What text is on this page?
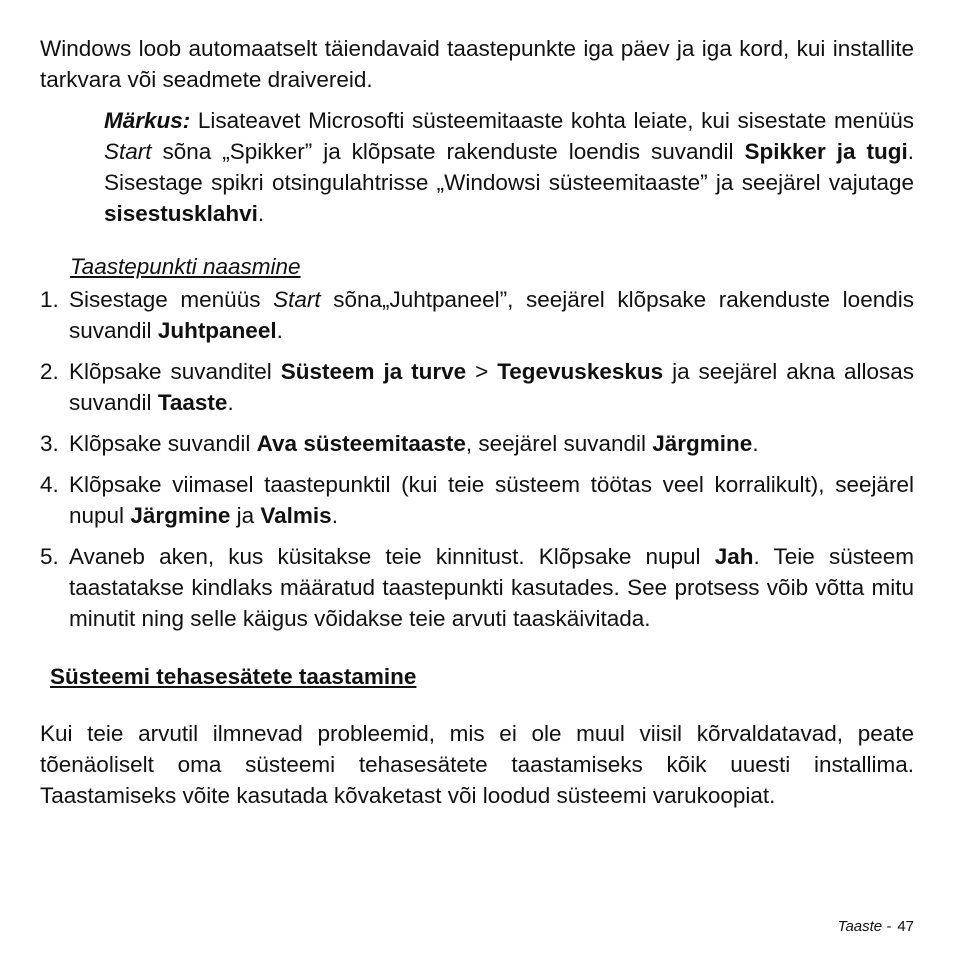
Windows loob automaatselt täiendavaid taastepunkte iga päev ja iga kord, kui installite tarkvara või seadmete draivereid.

Märkus: Lisateavet Microsofti süsteemitaaste kohta leiate, kui sisestate menüüs Start sõna „Spikker” ja klõpsate rakenduste loendis suvandil Spikker ja tugi. Sisestage spikri otsingulahtrisse „Windowsi süsteemitaaste” ja seejärel vajutage sisestusklahvi.

Taastepunkti naasmine

1. Sisestage menüüs Start sõna„Juhtpaneel”, seejärel klõpsake rakenduste loendis suvandil Juhtpaneel.
2. Klõpsake suvanditel Süsteem ja turve > Tegevuskeskus ja seejärel akna allosas suvandil Taaste.
3. Klõpsake suvandil Ava süsteemitaaste, seejärel suvandil Järgmine.
4. Klõpsake viimasel taastepunktil (kui teie süsteem töötas veel korralikult), seejärel nupul Järgmine ja Valmis.
5. Avaneb aken, kus küsitakse teie kinnitust. Klõpsake nupul Jah. Teie süsteem taastatakse kindlaks määratud taastepunkti kasutades. See protsess võib võtta mitu minutit ning selle käigus võidakse teie arvuti taaskäivitada.

Süsteemi tehasesätete taastamine

Kui teie arvutil ilmnevad probleemid, mis ei ole muul viisil kõrvaldatavad, peate tõenäoliselt oma süsteemi tehasesätete taastamiseks kõik uuesti installima. Taastamiseks võite kasutada kõvaketast või loodud süsteemi varukoopiat.

Taaste - 47
